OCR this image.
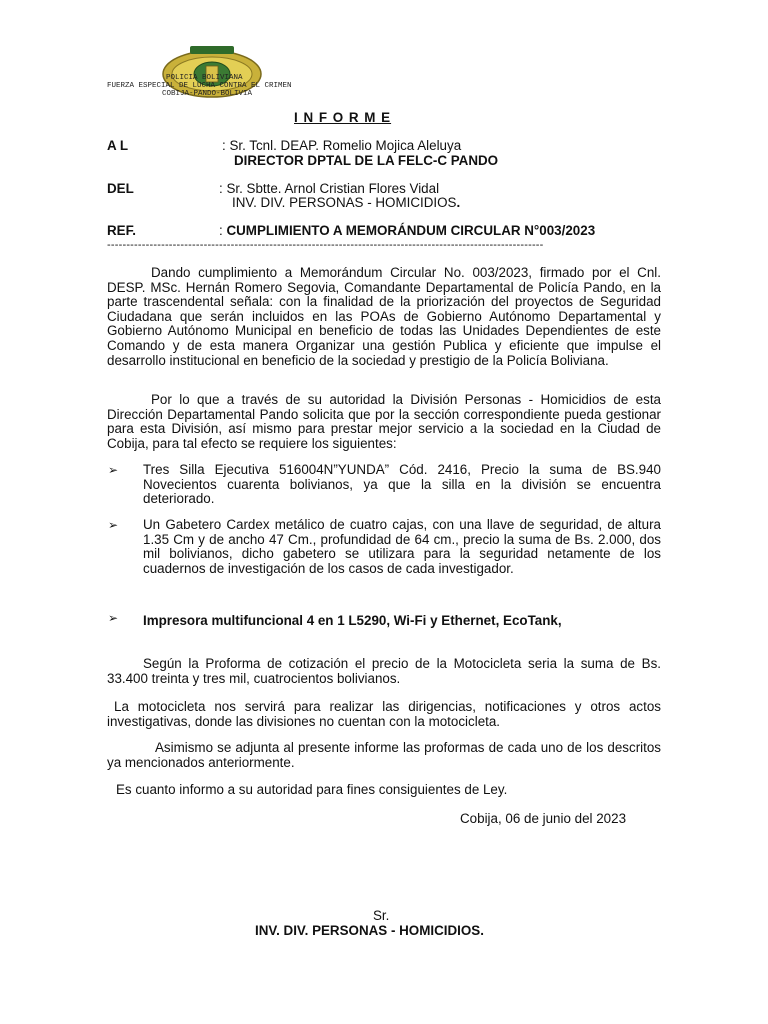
POLICIA BOLIVIANA
FUERZA ESPECIAL DE LUCHA CONTRA EL CRIMEN
COBIJA-PANDO-BOLIVIA
I N F O R M E
A L	: Sr. Tcnl. DEAP. Romelio Mojica Aleluya
DIRECTOR DPTAL DE LA FELC-C PANDO
DEL	: Sr. Sbtte. Arnol Cristian Flores Vidal
INV. DIV. PERSONAS - HOMICIDIOS.
REF.	: CUMPLIMIENTO A MEMORÁNDUM CIRCULAR N°003/2023
-----------------------------------------------------------------------------------------------------------------
Dando cumplimiento a Memorándum Circular No. 003/2023, firmado por el Cnl. DESP. MSc. Hernán Romero Segovia, Comandante Departamental de Policía Pando, en la parte trascendental señala: con la finalidad de la priorización del proyectos de Seguridad Ciudadana que serán incluidos en las POAs de Gobierno Autónomo Departamental y Gobierno Autónomo Municipal en beneficio de todas las Unidades Dependientes de este Comando y de esta manera Organizar una gestión Publica y eficiente que impulse el desarrollo institucional en beneficio de la sociedad y prestigio de la Policía Boliviana.
Por lo que a través de su autoridad la División Personas - Homicidios de esta Dirección Departamental Pando solicita que por la sección correspondiente pueda gestionar para esta División, así mismo para prestar mejor servicio a la sociedad en la Ciudad de Cobija, para tal efecto se requiere los siguientes:
➢ Tres Silla Ejecutiva 516004N”YUNDA” Cód. 2416, Precio la suma de BS.940 Novecientos cuarenta bolivianos, ya que la silla en la división se encuentra deteriorado.
➢ Un Gabetero Cardex metálico de cuatro cajas, con una llave de seguridad, de altura 1.35 Cm y de ancho 47 Cm., profundidad de 64 cm., precio la suma de Bs. 2.000, dos mil bolivianos, dicho gabetero se utilizara para la seguridad netamente de los cuadernos de investigación de los casos de cada investigador.
➢ Impresora multifuncional 4 en 1 L5290, Wi-Fi y Ethernet, EcoTank,
Según la Proforma de cotización el precio de la Motocicleta seria la suma de Bs. 33.400 treinta y tres mil, cuatrocientos bolivianos.
La motocicleta nos servirá para realizar las dirigencias, notificaciones y otros actos investigativas, donde las divisiones no cuentan con la motocicleta.
Asimismo se adjunta al presente informe las proformas de cada uno de los descritos ya mencionados anteriormente.
Es cuanto informo a su autoridad para fines consiguientes de Ley.
Cobija, 06 de junio del 2023
Sr.
INV. DIV. PERSONAS - HOMICIDIOS.
